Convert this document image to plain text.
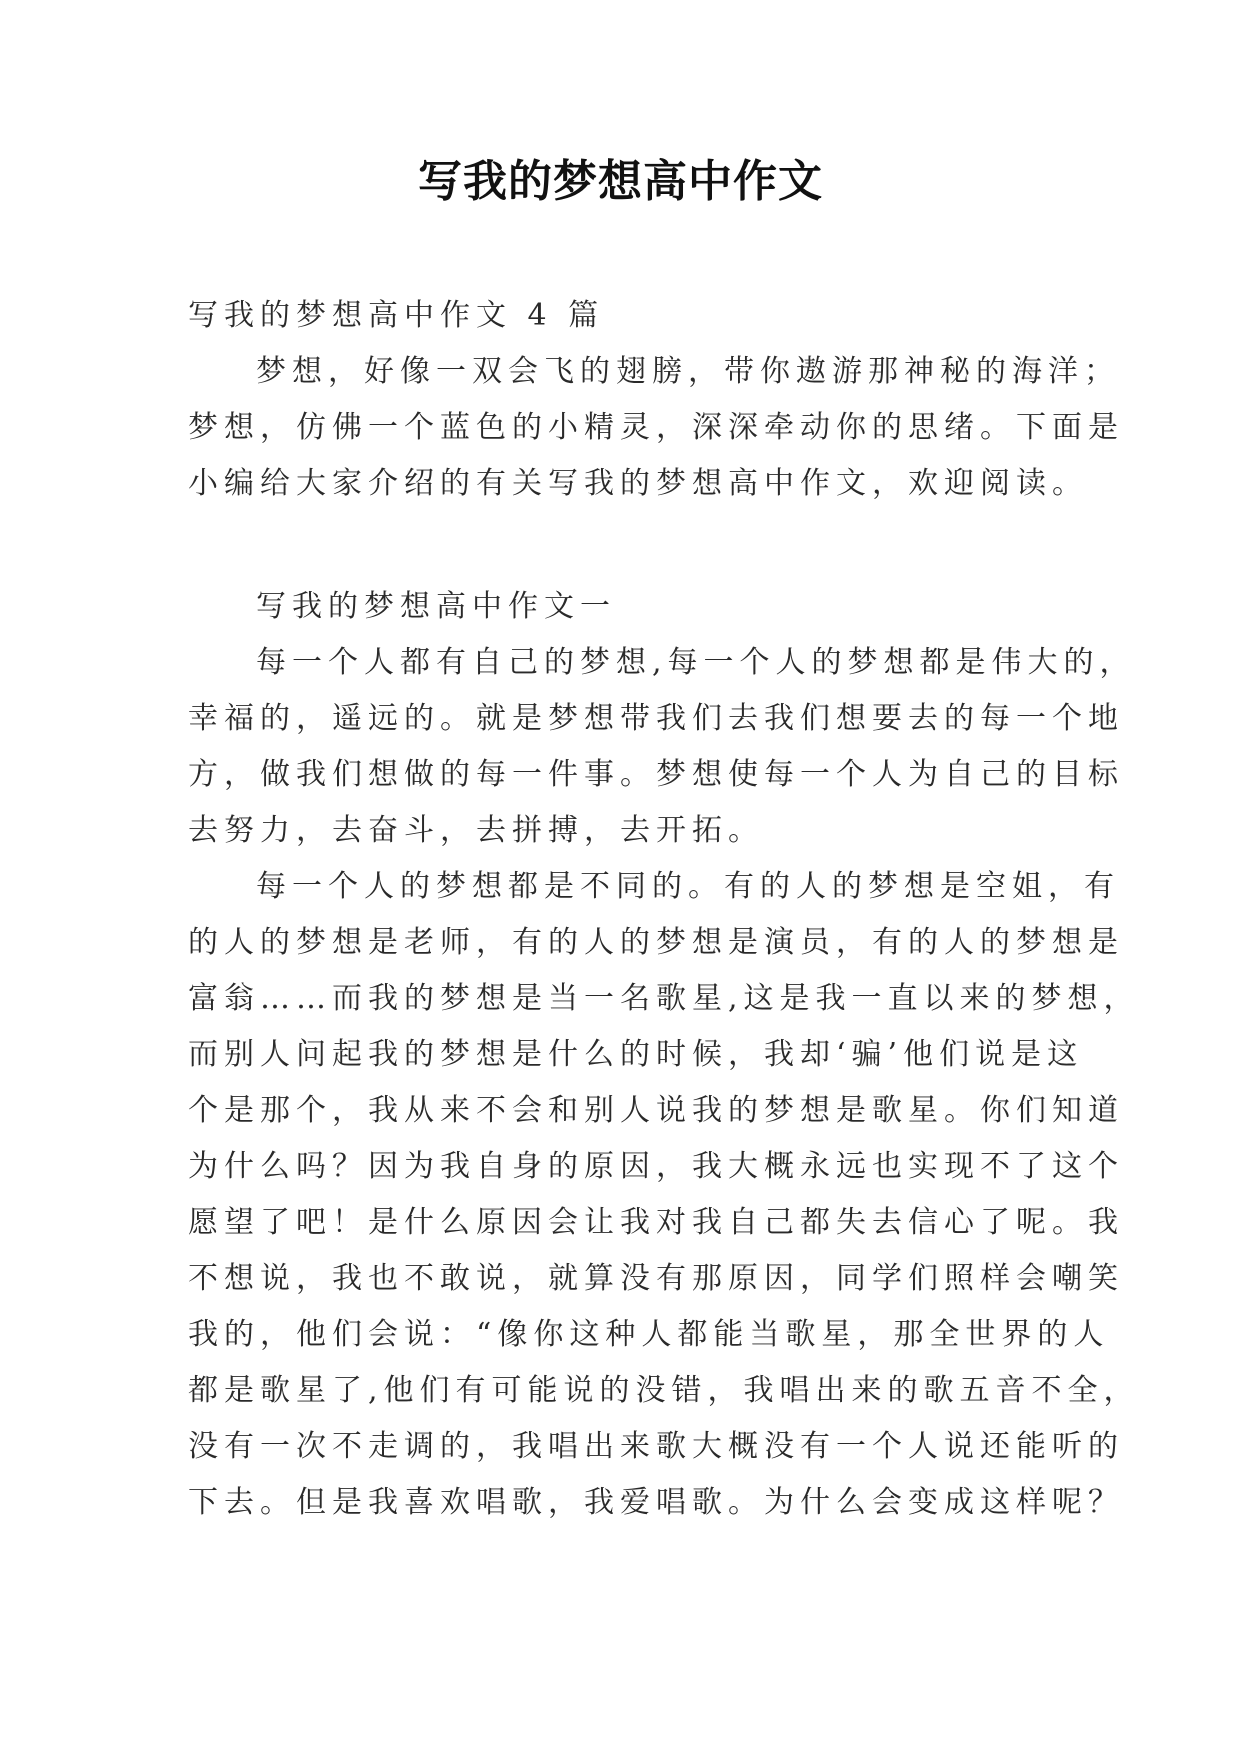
写我的梦想高中作文
写我的梦想高中作文 4 篇
梦想，好像一双会飞的翅膀，带你遨游那神秘的海洋；
梦想，仿佛一个蓝色的小精灵，深深牵动你的思绪。下面是
小编给大家介绍的有关写我的梦想高中作文，欢迎阅读。
写我的梦想高中作文一
每一个人都有自己的梦想,每一个人的梦想都是伟大的，
幸福的，遥远的。就是梦想带我们去我们想要去的每一个地
方，做我们想做的每一件事。梦想使每一个人为自己的目标
去努力，去奋斗，去拼搏，去开拓。
每一个人的梦想都是不同的。有的人的梦想是空姐，有
的人的梦想是老师，有的人的梦想是演员，有的人的梦想是
富翁……而我的梦想是当一名歌星,这是我一直以来的梦想，
而别人问起我的梦想是什么的时候，我却‘骗’他们说是这
个是那个，我从来不会和别人说我的梦想是歌星。你们知道
为什么吗？因为我自身的原因，我大概永远也实现不了这个
愿望了吧！是什么原因会让我对我自己都失去信心了呢。我
不想说，我也不敢说，就算没有那原因，同学们照样会嘲笑
我的，他们会说：“像你这种人都能当歌星，那全世界的人
都是歌星了,他们有可能说的没错，我唱出来的歌五音不全，
没有一次不走调的，我唱出来歌大概没有一个人说还能听的
下去。但是我喜欢唱歌，我爱唱歌。为什么会变成这样呢？
